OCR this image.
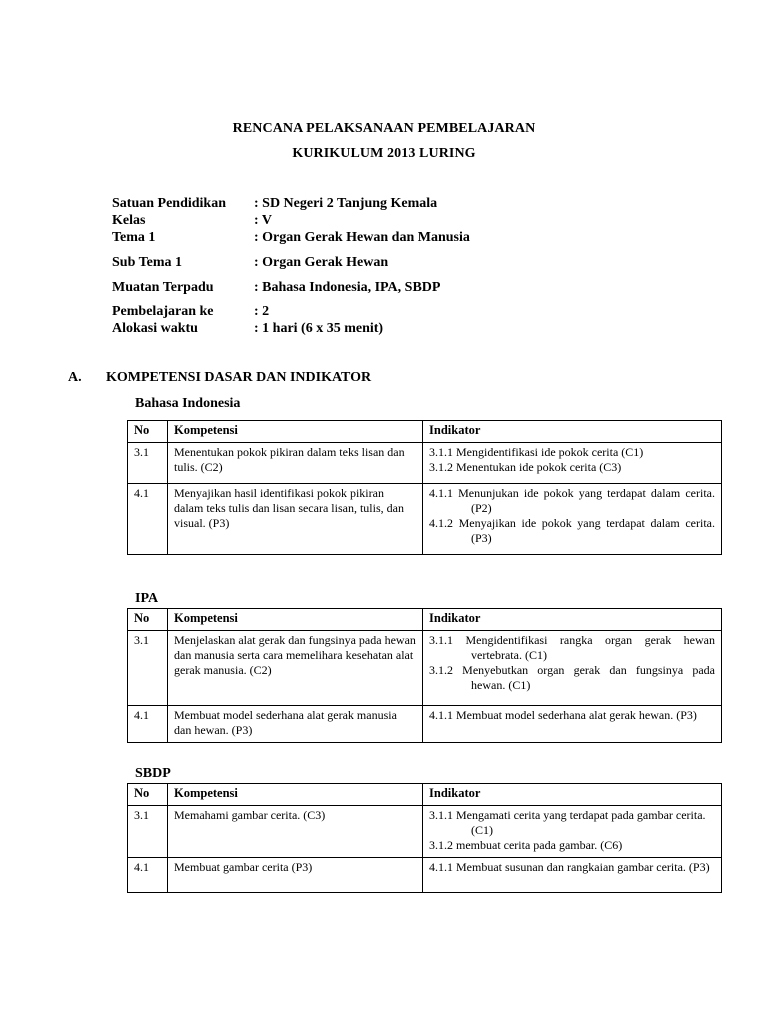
RENCANA PELAKSANAAN PEMBELAJARAN
KURIKULUM 2013 LURING
Satuan Pendidikan : SD Negeri 2 Tanjung Kemala
Kelas	: V
Tema 1	: Organ Gerak Hewan dan Manusia
Sub Tema 1	: Organ Gerak Hewan
Muatan Terpadu	: Bahasa Indonesia, IPA, SBDP
Pembelajaran ke	: 2
Alokasi waktu	: 1 hari (6 x 35 menit)
A. KOMPETENSI DASAR DAN INDIKATOR
Bahasa Indonesia
No	Kompetensi	Indikator
3.1	Menentukan pokok pikiran dalam teks lisan dan tulis. (C2)	3.1.1 Mengidentifikasi ide pokok cerita (C1)
3.1.2 Menentukan ide pokok cerita (C3)

4.1	Menyajikan hasil identifikasi pokok pikiran dalam teks tulis dan lisan secara lisan, tulis, dan visual. (P3)	4.1.1 Menunjukan ide pokok yang terdapat dalam cerita. (P2)
4.1.2 Menyajikan ide pokok yang terdapat dalam cerita. (P3)
IPA
No	Kompetensi	Indikator
3.1	Menjelaskan alat gerak dan fungsinya pada hewan dan manusia serta cara memelihara kesehatan alat gerak manusia. (C2)	3.1.1 Mengidentifikasi rangka organ gerak hewan vertebrata. (C1)
3.1.2 Menyebutkan organ gerak dan fungsinya pada hewan. (C1)

4.1	Membuat model sederhana alat gerak manusia dan hewan. (P3)	4.1.1 Membuat model sederhana alat gerak hewan. (P3)
SBDP
No	Kompetensi	Indikator
3.1	Memahami gambar cerita. (C3)	3.1.1 Mengamati cerita yang terdapat pada gambar cerita. (C1)
3.1.2 membuat cerita pada gambar. (C6)

4.1	Membuat gambar cerita (P3)	4.1.1 Membuat susunan dan rangkaian gambar cerita. (P3)
